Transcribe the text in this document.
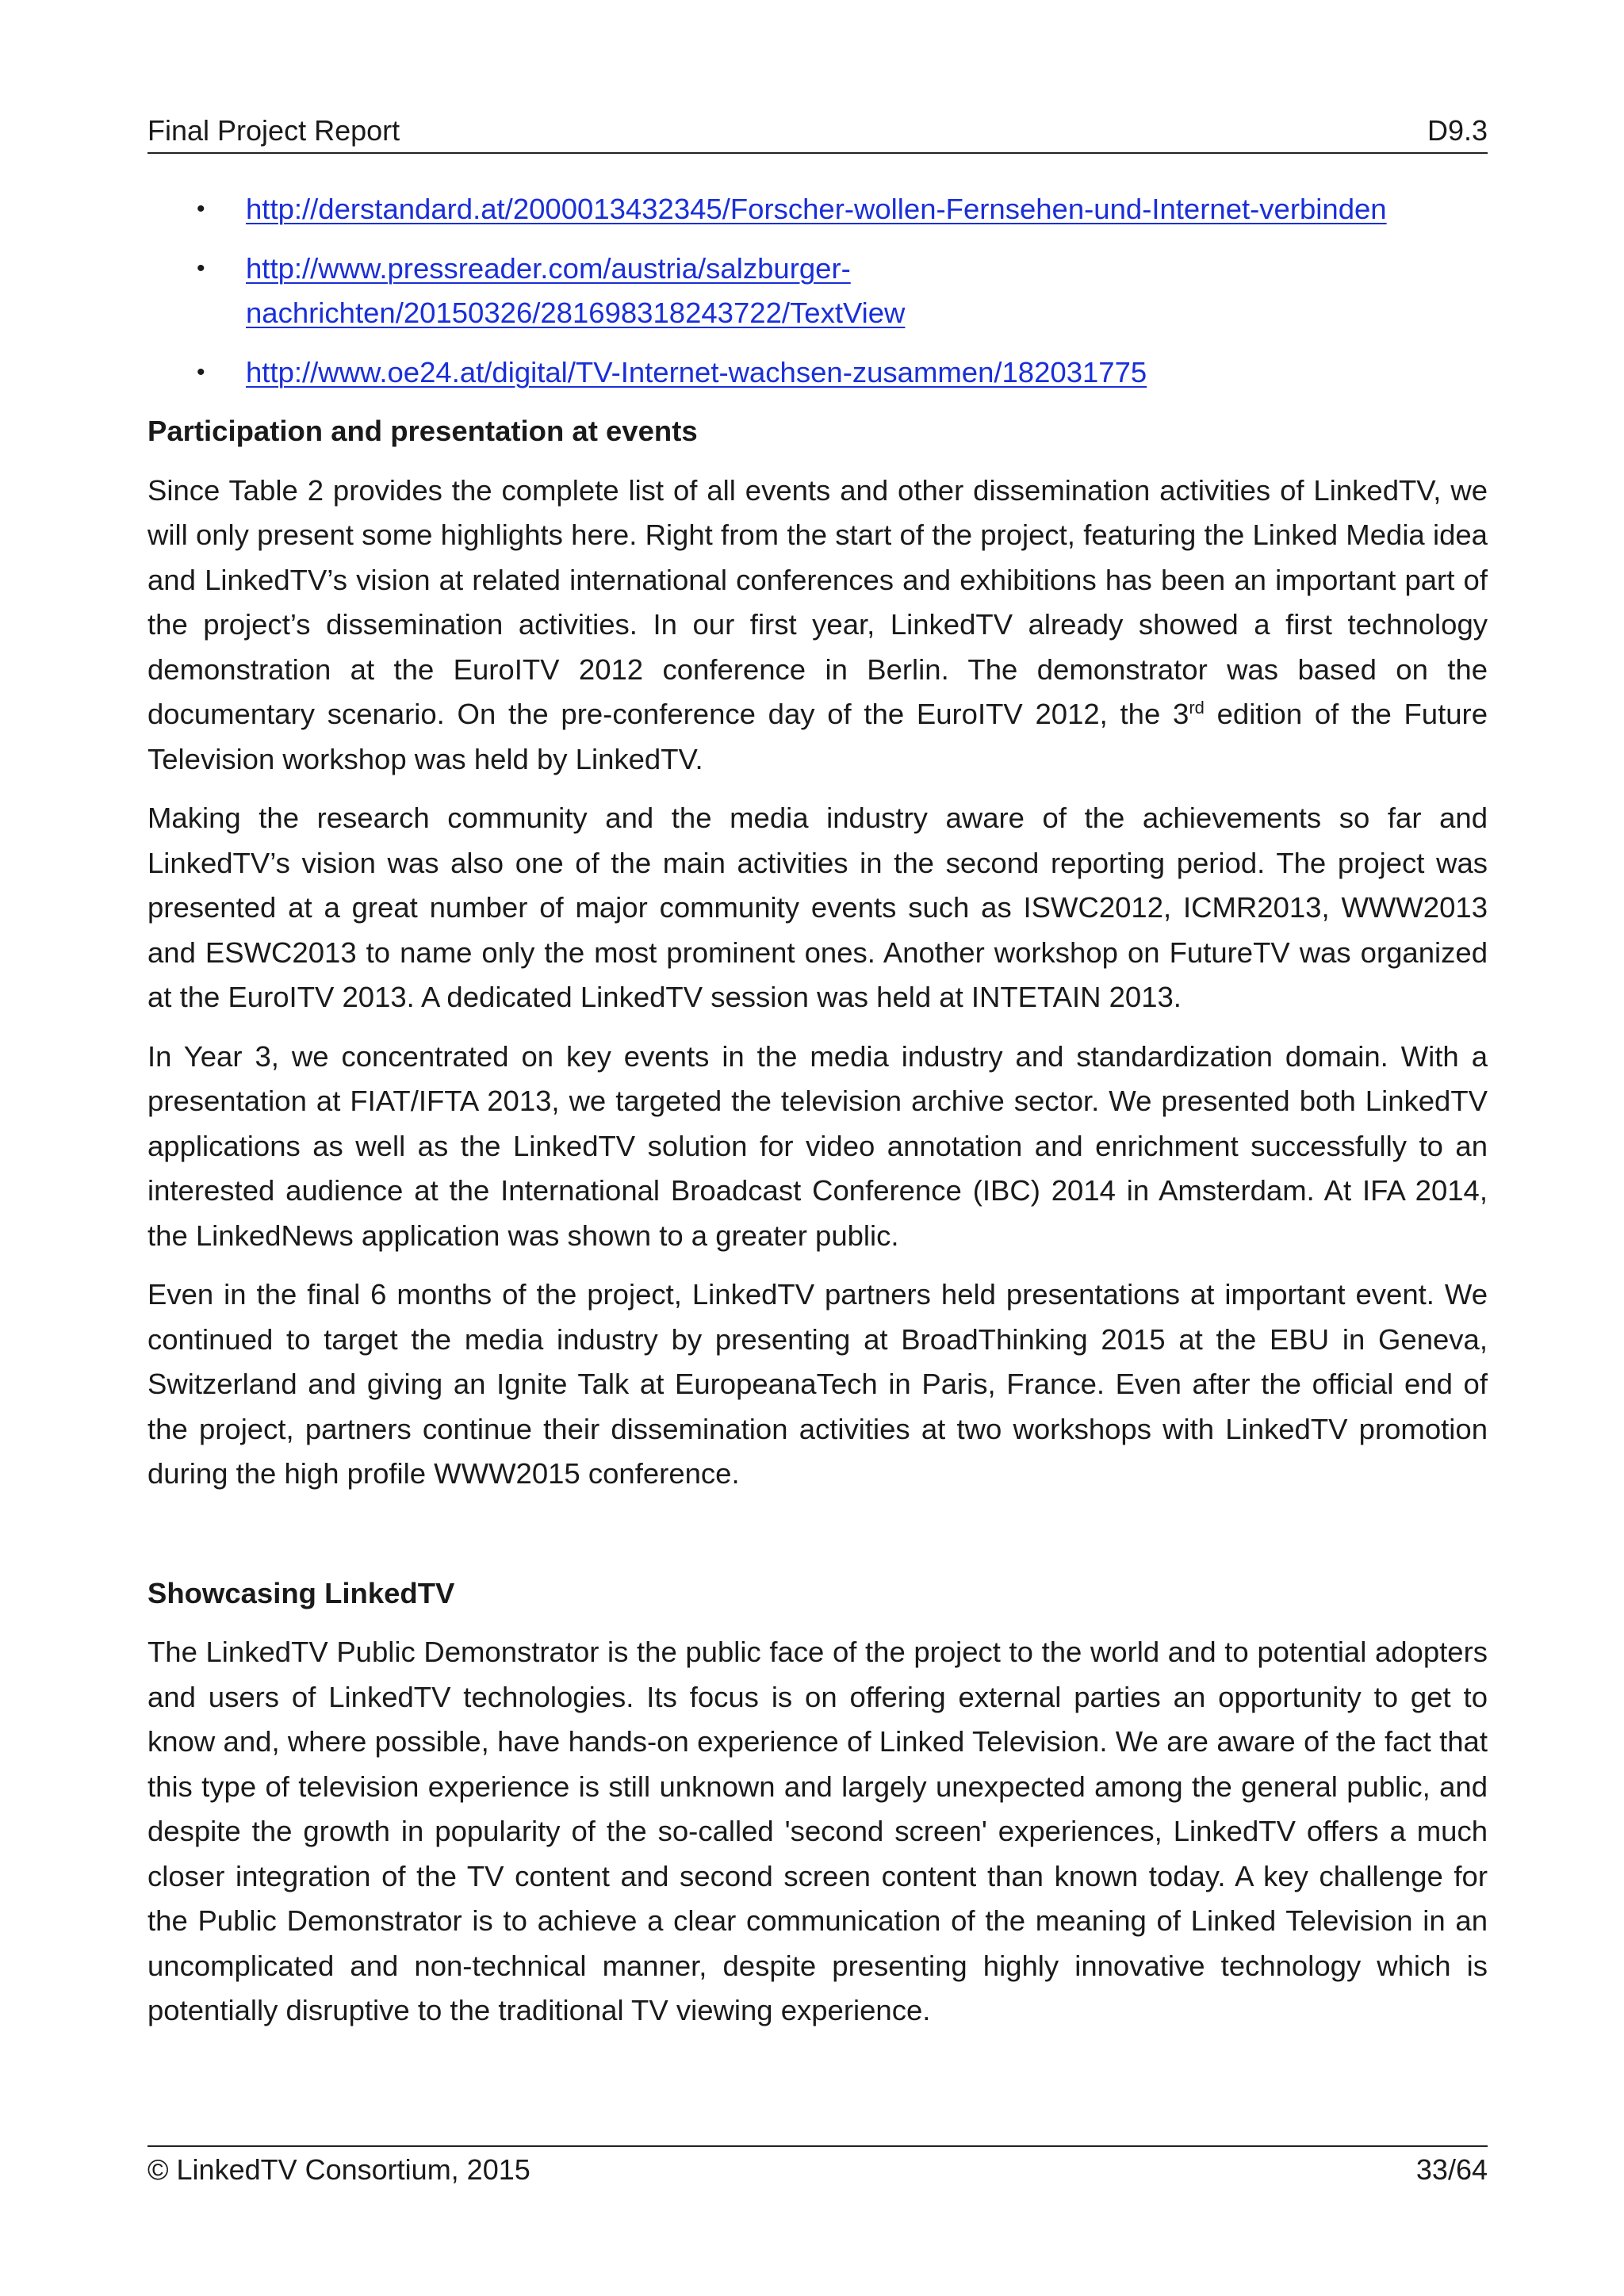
Final Project Report	D9.3
• http://derstandard.at/2000013432345/Forscher-wollen-Fernsehen-und-Internet-verbinden
• http://www.pressreader.com/austria/salzburger-
nachrichten/20150326/281698318243722/TextView
• http://www.oe24.at/digital/TV-Internet-wachsen-zusammen/182031775
Participation and presentation at events

Since Table 2 provides the complete list of all events and other dissemination activities of LinkedTV, we will only present some highlights here. Right from the start of the project, featuring the Linked Media idea and LinkedTV’s vision at related international conferences and exhibitions has been an important part of the project’s dissemination activities. In our first year, LinkedTV already showed a first technology demonstration at the EuroITV 2012 conference in Berlin. The demonstrator was based on the documentary scenario. On the pre-conference day of the EuroITV 2012, the 3rd edition of the Future Television workshop was held by LinkedTV.

Making the research community and the media industry aware of the achievements so far and LinkedTV’s vision was also one of the main activities in the second reporting period. The project was presented at a great number of major community events such as ISWC2012, ICMR2013, WWW2013 and ESWC2013 to name only the most prominent ones. Another workshop on FutureTV was organized at the EuroITV 2013. A dedicated LinkedTV session was held at INTETAIN 2013.

In Year 3, we concentrated on key events in the media industry and standardization domain. With a presentation at FIAT/IFTA 2013, we targeted the television archive sector. We presented both LinkedTV applications as well as the LinkedTV solution for video annotation and enrichment successfully to an interested audience at the International Broadcast Conference (IBC) 2014 in Amsterdam. At IFA 2014, the LinkedNews application was shown to a greater public.

Even in the final 6 months of the project, LinkedTV partners held presentations at important event. We continued to target the media industry by presenting at BroadThinking 2015 at the EBU in Geneva, Switzerland and giving an Ignite Talk at EuropeanaTech in Paris, France. Even after the official end of the project, partners continue their dissemination activities at two workshops with LinkedTV promotion during the high profile WWW2015 conference.

Showcasing LinkedTV

The LinkedTV Public Demonstrator is the public face of the project to the world and to potential adopters and users of LinkedTV technologies. Its focus is on offering external parties an opportunity to get to know and, where possible, have hands-on experience of Linked Television. We are aware of the fact that this type of television experience is still unknown and largely unexpected among the general public, and despite the growth in popularity of the so-called 'second screen' experiences, LinkedTV offers a much closer integration of the TV content and second screen content than known today. A key challenge for the Public Demonstrator is to achieve a clear communication of the meaning of Linked Television in an uncomplicated and non-technical manner, despite presenting highly innovative technology which is potentially disruptive to the traditional TV viewing experience.

© LinkedTV Consortium, 2015	33/64
